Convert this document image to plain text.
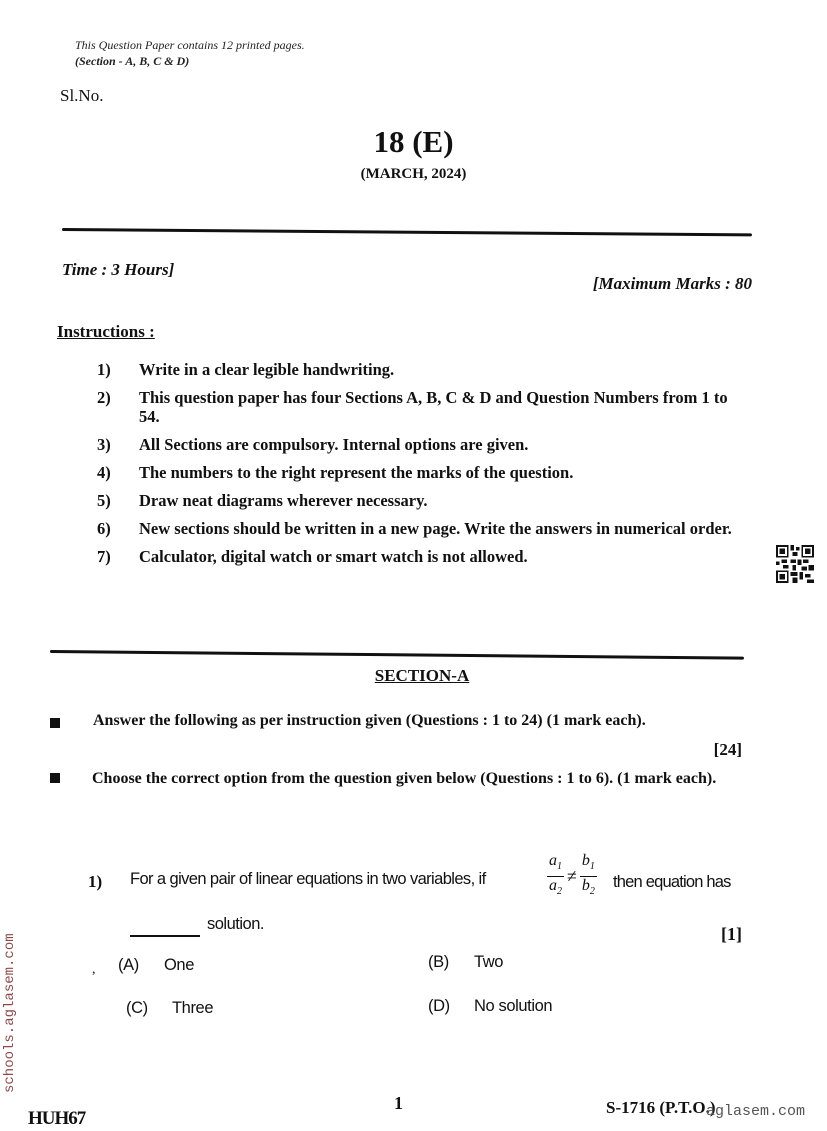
This Question Paper contains 12 printed pages.
(Section - A, B, C & D)
Sl.No.
18 (E)
(MARCH, 2024)
Time : 3 Hours]
[Maximum Marks : 80
Instructions :
1)	Write in a clear legible handwriting.
2)	This question paper has four Sections A, B, C & D and Question Numbers from 1 to 54.
3)	All Sections are compulsory. Internal options are given.
4)	The numbers to the right represent the marks of the question.
5)	Draw neat diagrams wherever necessary.
6)	New sections should be written in a new page. Write the answers in numerical order.
7)	Calculator, digital watch or smart watch is not allowed.
SECTION-A
Answer the following as per instruction given (Questions : 1 to 24) (1 mark each).
[24]
Choose the correct option from the question given below (Questions : 1 to 6). (1 mark each).
1) For a given pair of linear equations in two variables, if	$\frac{a_1}{a_2} \ne \frac{b_1}{b_2}$ then equation has
solution.	[1]
, (A) One	(B) Two
(C) Three	(D) No solution
schools.aglasem.com
HUH67
1	S-1716 (P.T.O.)
aglasem.com
